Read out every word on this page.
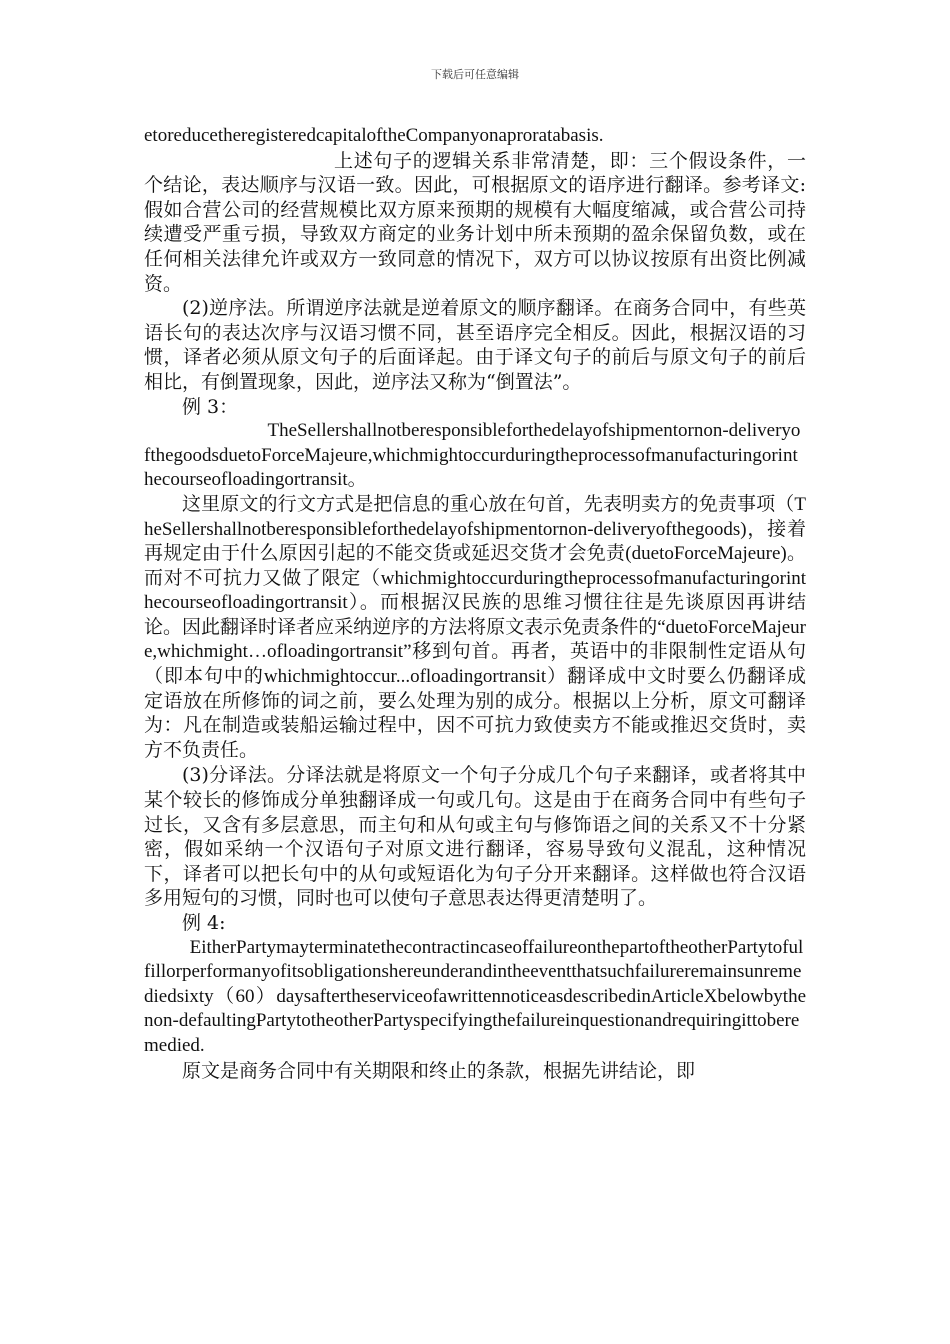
下载后可任意编辑

etoreducetheregisteredcapitaloftheCompanyonaproratabasis.

上述句子的逻辑关系非常清楚，即：三个假设条件，一个结论，表达顺序与汉语一致。因此，可根据原文的语序进行翻译。参考译文:假如合营公司的经营规模比双方原来预期的规模有大幅度缩减，或合营公司持续遭受严重亏损，导致双方商定的业务计划中所未预期的盈余保留负数，或在任何相关法律允许或双方一致同意的情况下，双方可以协议按原有出资比例减资。

(2)逆序法。所谓逆序法就是逆着原文的顺序翻译。在商务合同中，有些英语长句的表达次序与汉语习惯不同，甚至语序完全相反。因此，根据汉语的习惯，译者必须从原文句子的后面译起。由于译文句子的前后与原文句子的前后相比，有倒置现象，因此，逆序法又称为“倒置法”。

例 3：

TheSellershallnotberesponsibleforthedelayofshipmentornon-deliveryofthegoodsduetoForceMajeure,whichmightoccurduringtheprocessofmanufacturingorinthecourseofloadingortransit。

这里原文的行文方式是把信息的重心放在句首，先表明卖方的免责事项（TheSellershallnotberesponsibleforthedelayofshipmentornon-deliveryofthegoods)，接着再规定由于什么原因引起的不能交货或延迟交货才会免责(duetoForceMajeure)。而对不可抗力又做了限定（whichmightoccurduringtheprocessofmanufacturingorinthecourseofloadingortransit）。而根据汉民族的思维习惯往往是先谈原因再讲结论。因此翻译时译者应采纳逆序的方法将原文表示免责条件的“duetoForceMajeure,whichmight…ofloadingortransit”移到句首。再者，英语中的非限制性定语从句（即本句中的whichmightoccur...ofloadingortransit）翻译成中文时要么仍翻译成定语放在所修饰的词之前，要么处理为别的成分。根据以上分析，原文可翻译为：凡在制造或装船运输过程中，因不可抗力致使卖方不能或推迟交货时，卖方不负责任。

(3)分译法。分译法就是将原文一个句子分成几个句子来翻译，或者将其中某个较长的修饰成分单独翻译成一句或几句。这是由于在商务合同中有些句子过长，又含有多层意思，而主句和从句或主句与修饰语之间的关系又不十分紧密，假如采纳一个汉语句子对原文进行翻译，容易导致句义混乱，这种情况下，译者可以把长句中的从句或短语化为句子分开来翻译。这样做也符合汉语多用短句的习惯，同时也可以使句子意思表达得更清楚明了。

例 4:

EitherPartymayterminatethecontractincaseoffailureonthepartoftheotherPartytofulfillorperformanyofitsobligationshereunderandintheeventthatsuchfailureremainsunremediedsixty（60）daysaftertheserviceofawrittennoticeasdescribedinArticleXbelowbythenon-defaultingPartytotheotherPartyspecifyingthefailureinquestionandrequiringittoberemedied.

原文是商务合同中有关期限和终止的条款，根据先讲结论，即
